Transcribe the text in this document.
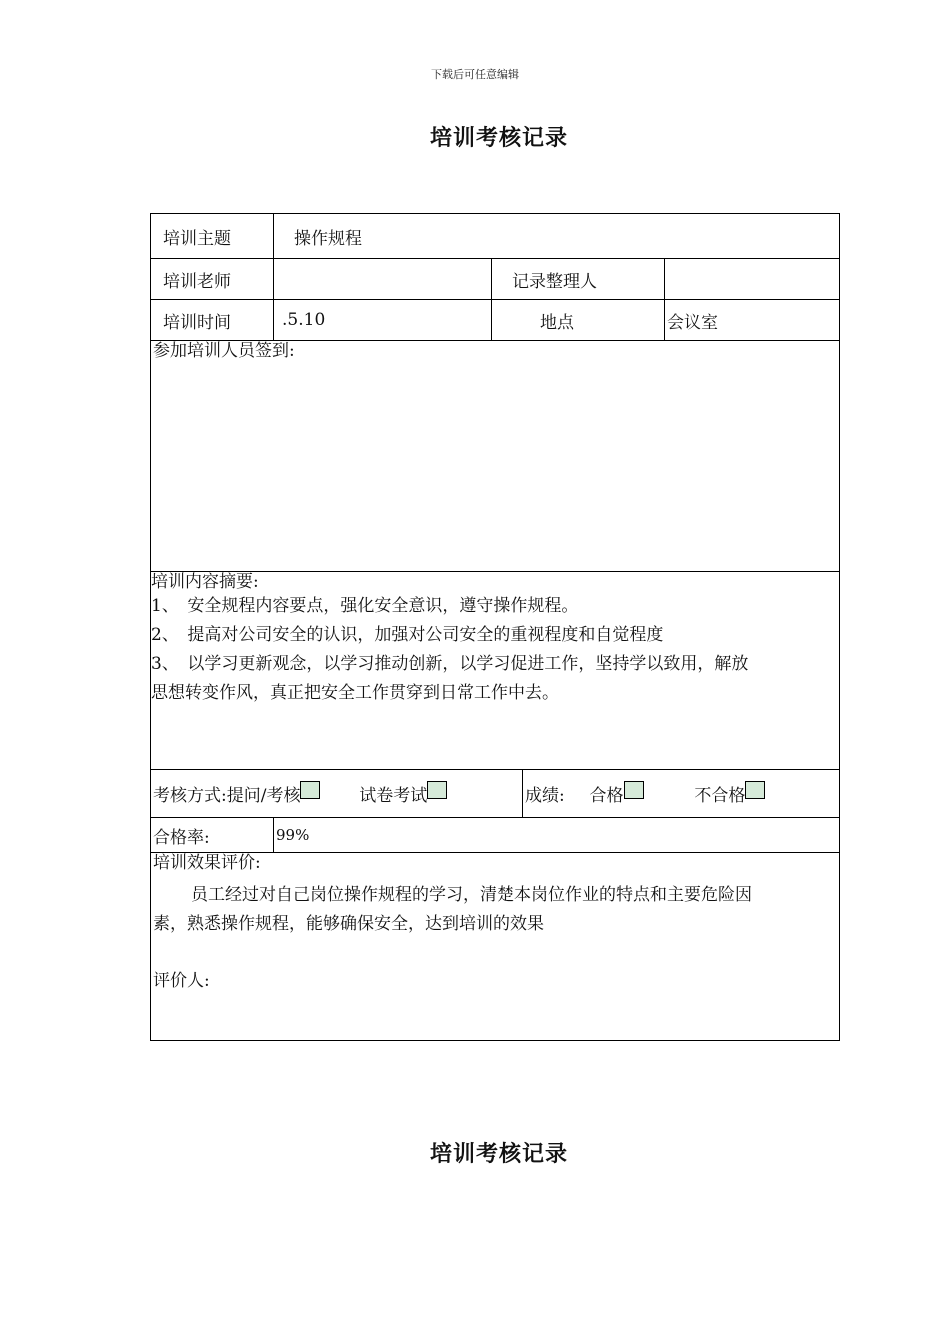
下载后可任意编辑
培训考核记录
培训主题	操作规程			
培训老师		记录整理人		
培训时间	.5.10	地点		会议室

参加培训人员签到:				

培训内容摘要:

1、　安全规程内容要点，强化安全意识，遵守操作规程。

2、　提高对公司安全的认识，加强对公司安全的重视程度和自觉程度

3、　以学习更新观念，以学习推动创新，以学习促进工作，坚持学以致用，解放

思想转变作风，真正把安全工作贯穿到日常工作中去。				

考核方式:提问/考核 试卷考试			成绩: 合格 不合格	
合格率:	99%			

培训效果评价:

员工经过对自己岗位操作规程的学习，清楚本岗位作业的特点和主要危险因

素，熟悉操作规程，能够确保安全，达到培训的效果

评价人:				

培训考核记录
